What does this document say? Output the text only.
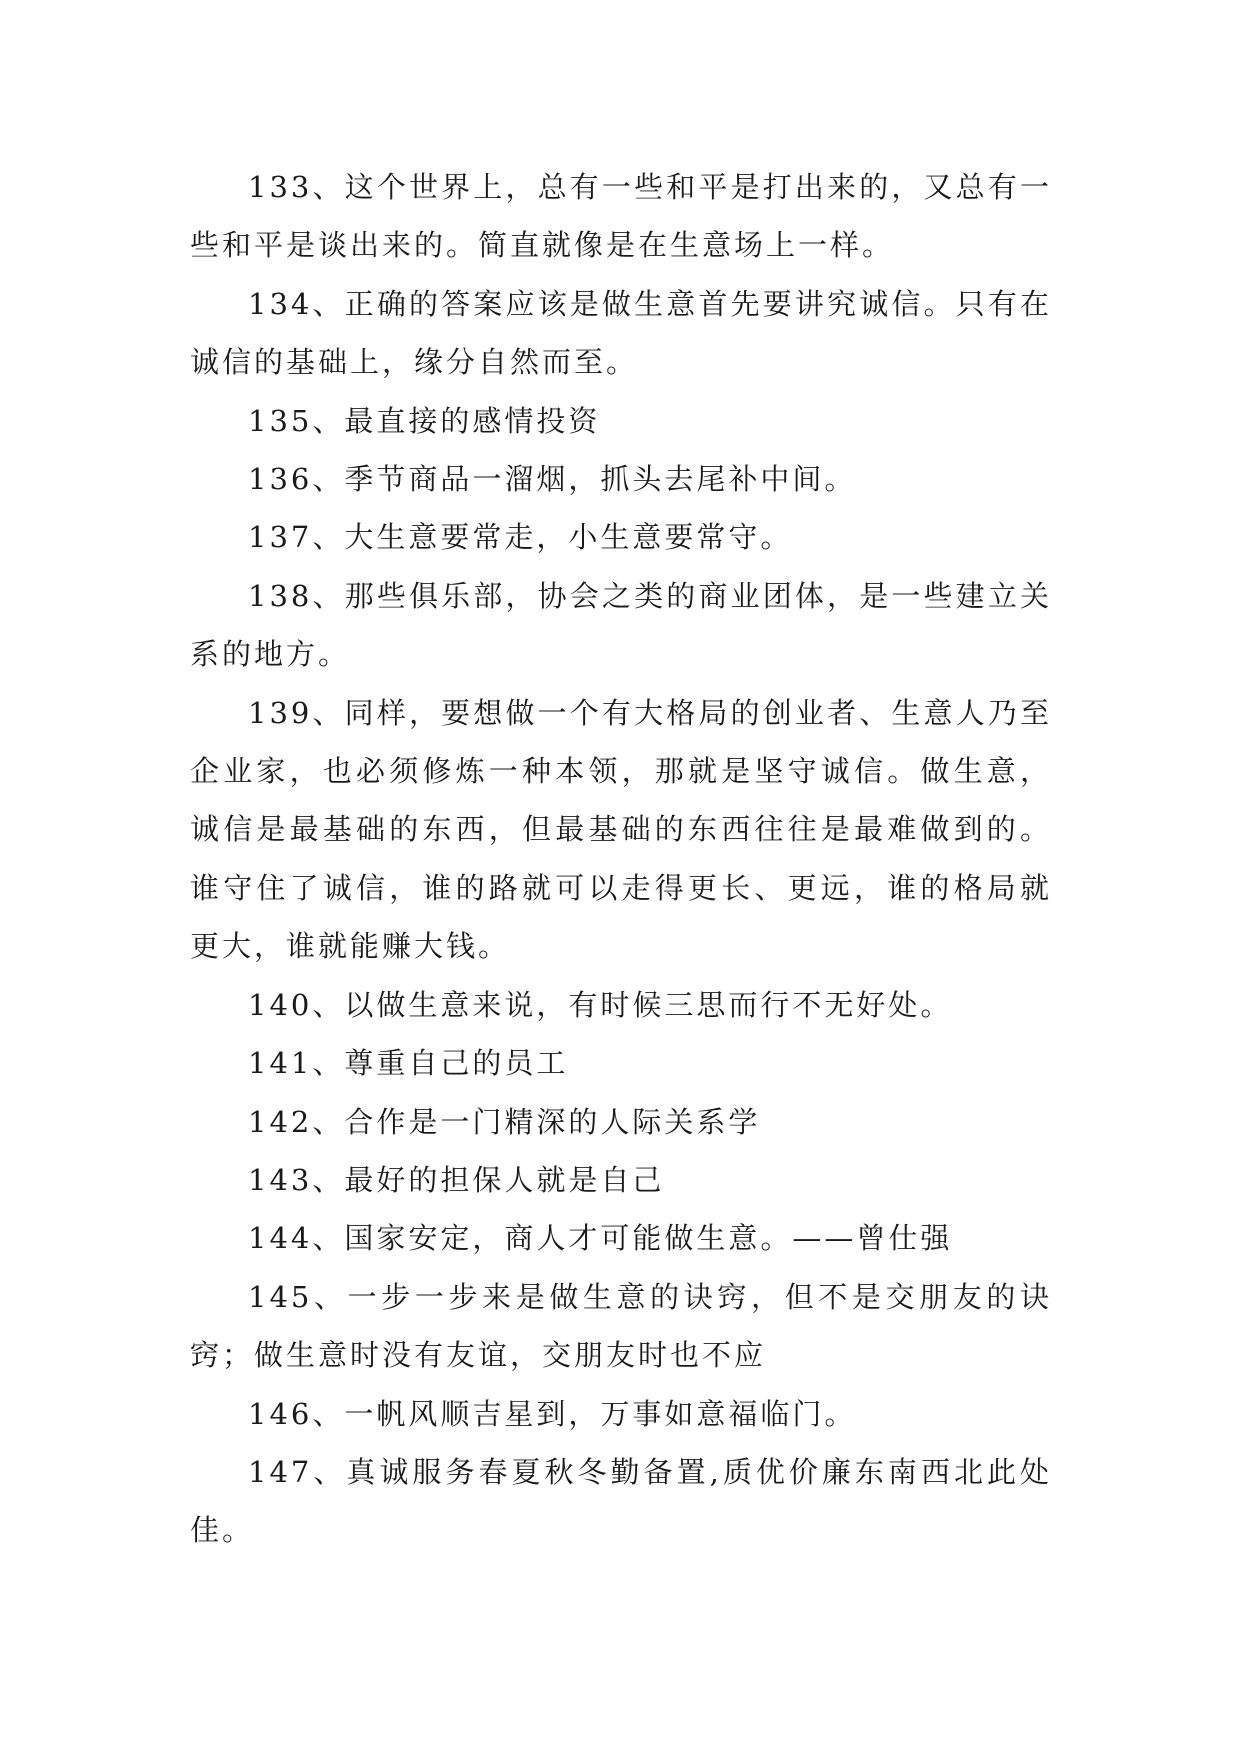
133、这个世界上，总有一些和平是打出来的，又总有一些和平是谈出来的。简直就像是在生意场上一样。

134、正确的答案应该是做生意首先要讲究诚信。只有在诚信的基础上，缘分自然而至。

135、最直接的感情投资

136、季节商品一溜烟，抓头去尾补中间。

137、大生意要常走，小生意要常守。

138、那些俱乐部，协会之类的商业团体，是一些建立关系的地方。

139、同样，要想做一个有大格局的创业者、生意人乃至企业家，也必须修炼一种本领，那就是坚守诚信。做生意，诚信是最基础的东西，但最基础的东西往往是最难做到的。谁守住了诚信，谁的路就可以走得更长、更远，谁的格局就更大，谁就能赚大钱。

140、以做生意来说，有时候三思而行不无好处。

141、尊重自己的员工

142、合作是一门精深的人际关系学

143、最好的担保人就是自己

144、国家安定，商人才可能做生意。——曾仕强

145、一步一步来是做生意的诀窍，但不是交朋友的诀窍；做生意时没有友谊，交朋友时也不应

146、一帆风顺吉星到，万事如意福临门。

147、真诚服务春夏秋冬勤备置,质优价廉东南西北此处佳。
